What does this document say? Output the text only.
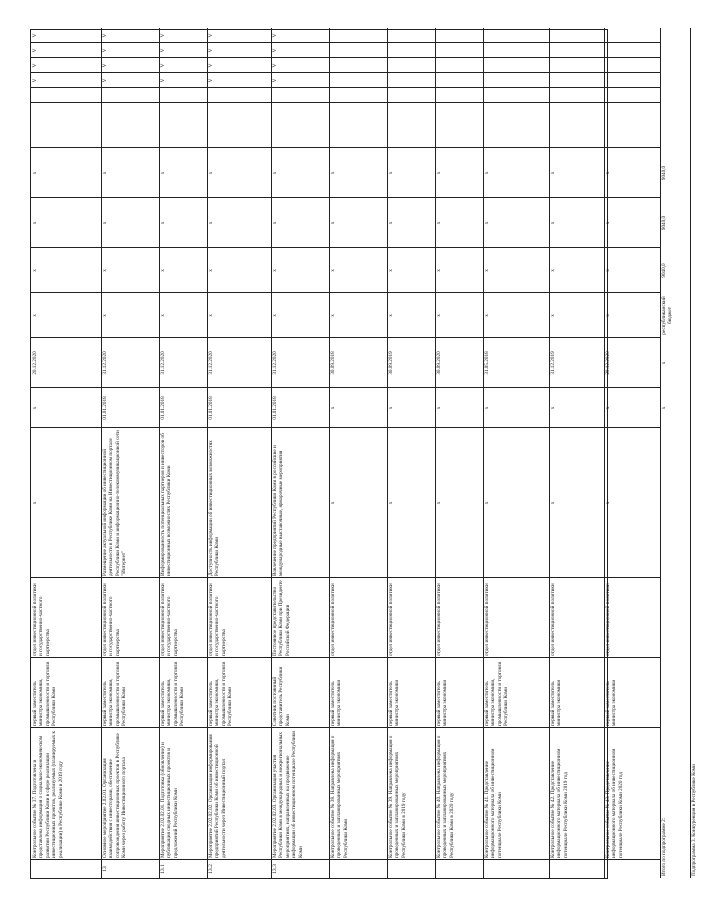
Контрольное событие № 37. Подготовлена и представлена информация о социально-экономическом развитии Республики Коми в сфере реализации инвестиционных проектов, реализуемых (планируемых к реализации) в Республике Коми в 2019 году
первый заместитель министра экономики, промышленности и торговли Республики Коми
отдел инвестиционной политики и государственно-частного партнерства
х
х
20.12.2020
х
х
х
х
V
V
V
V
13
Основное мероприятие 2.02.01. Организация взаимодействия с инвесторами, обеспечение сопровождения инвестиционных проектов в Республике Коми через работу Инвестиционного портала
первый заместитель министра экономики, промышленности и торговли Республики Коми
отдел инвестиционной политики и государственно-частного партнерства
Размещение актуальной информации об инвестиционной деятельности в Республике Коми на Инвестиционном портале Республики Коми и информационно-телекоммуникационной сети "Интернет"
01.01.2018
31.12.2020
х
х
х
х
V
V
V
V
13.1
Мероприятие 2.02.02.01. Подготовка (обновление) и публикация сводных инвестиционных проектов и предложений Республики Коми
первый заместитель министра экономики, промышленности и торговли Республики Коми
отдел инвестиционной политики и государственно-частного партнерства
Информированность потенциальных партнеров и инвесторов об инвестиционных возможностях Республики Коми
01.01.2018
31.12.2020
х
х
х
х
V
V
V
V
13.2
Мероприятие 2.02.02.02. Организация информирования предприятий Республики Коми об инвестиционной деятельности через Инвестиционный портал
первый заместитель министра экономики, промышленности и торговли Республики Коми
отдел инвестиционной политики и государственно-частного партнерства
Доступность информации об инвестиционных возможностях Республики Коми
01.01.2018
31.12.2020
х
х
х
х
V
V
V
V
13.3
Мероприятие 2.02.02.03. Организация участия Республики Коми в международных и межрегиональных мероприятиях, направленных на продвижение информации об инвестиционном потенциале Республики Коми
Советник постоянный представитель Республики Коми
Постоянное представительство Республики Коми при Президенте Российской Федерации
Вовлечение предприятий Республики Коми в российские и международные выставочные, ярмарочные мероприятия
01.01.2018
31.12.2020
х
х
х
х
V
V
V
V
Контрольное событие № 38. Направлена информация о проведенных и запланированных мероприятиях Республики Коми
первый заместитель министра экономики
отдел инвестиционной политики
х
х
30.09.2018
х
х
х
х
Контрольное событие № 39. Направлена информация о проведенных и запланированных мероприятиях Республики Коми в 2019 году
первый заместитель министра экономики
отдел инвестиционной политики
х
х
30.09.2019
х
х
х
х
Контрольное событие № 40. Направлена информация о проведенных и запланированных мероприятиях Республики Коми в 2020 году
первый заместитель министра экономики
отдел инвестиционной политики
х
х
30.09.2020
х
х
х
х
Контрольное событие № 41. Представление информационного материала об инвестиционном потенциале Республики Коми
первый заместитель министра экономики, промышленности и торговли Республики Коми
отдел инвестиционной политики
х
х
31.05.2018
х
х
х
х
Контрольное событие № 42. Представление информационного материала об инвестиционном потенциале Республики Коми 2019 год
первый заместитель министра экономики
отдел инвестиционной политики
х
х
31.12.2019
х
х
х
х
Контрольное событие № 43. Представление информационного материала об инвестиционном потенциале Республики Коми 2020 год
первый заместитель министра экономики
отдел инвестиционной политики
х
х
20.12.2020
х
х
х
х
Итого по подпрограмме 2:
х
х
республиканский бюджет
9040,0
9040,0
9040,0
Подпрограмма 3. Конкуренция в Республике Коми
